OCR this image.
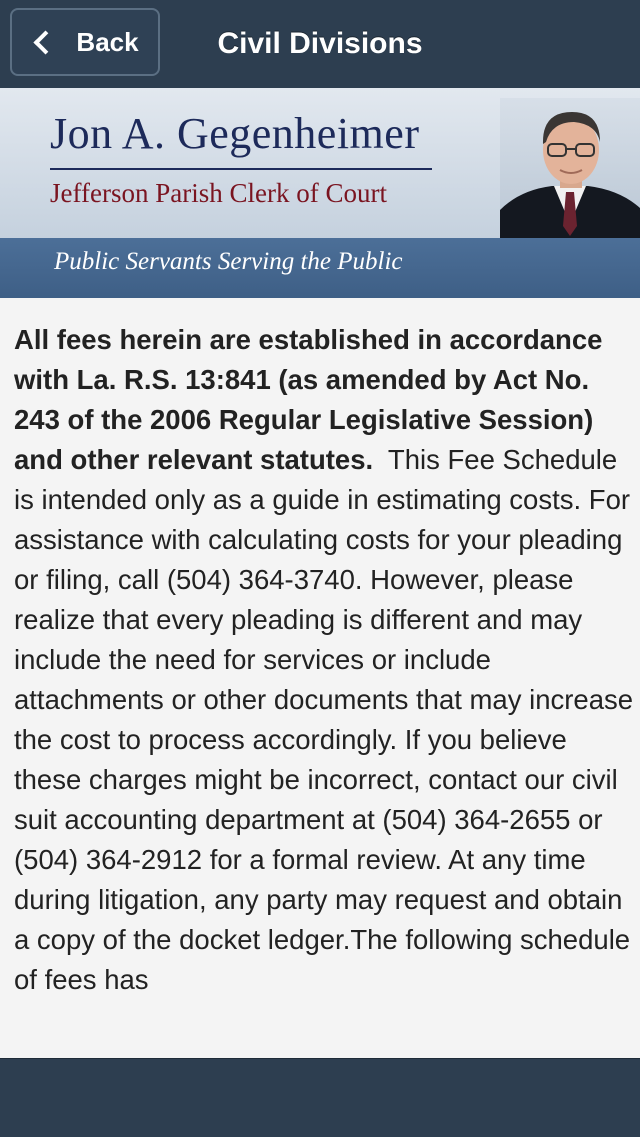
Back	Civil Divisions
Jon A. Gegenheimer
Jefferson Parish Clerk of Court
Public Servants Serving the Public

All fees herein are established in accordance with La. R.S. 13:841 (as amended by Act No. 243 of the 2006 Regular Legislative Session) and other relevant statutes. This Fee Schedule is intended only as a guide in estimating costs. For assistance with calculating costs for your pleading or filing, call (504) 364-3740. However, please realize that every pleading is different and may include the need for services or include attachments or other documents that may increase the cost to process accordingly. If you believe these charges might be incorrect, contact our civil suit accounting department at (504) 364-2655 or (504) 364-2912 for a formal review. At any time during litigation, any party may request and obtain a copy of the docket ledger.The following schedule of fees has
